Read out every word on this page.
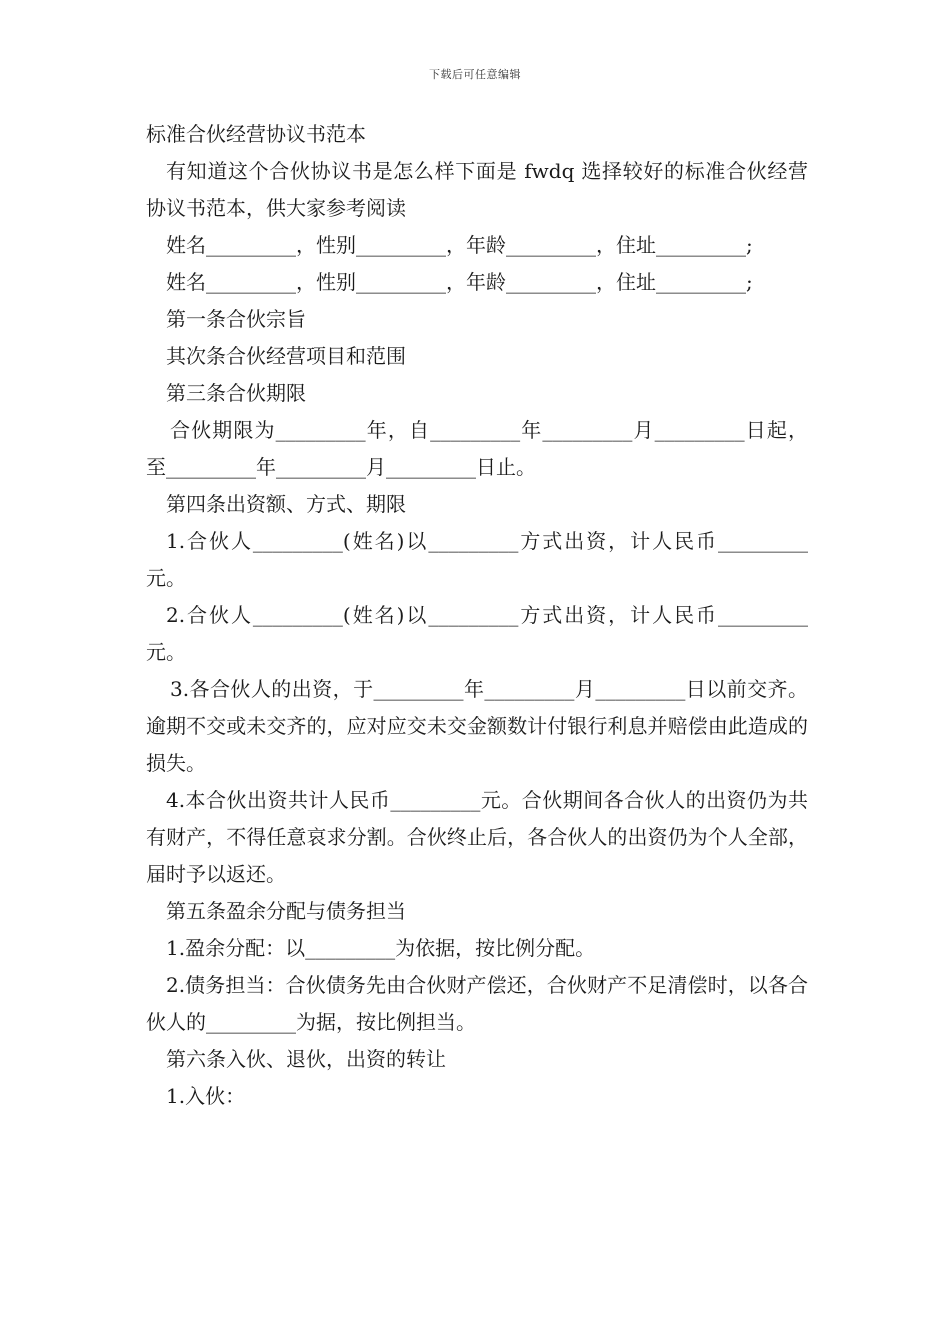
下载后可任意编辑

标准合伙经营协议书范本

有知道这个合伙协议书是怎么样下面是 fwdq 选择较好的标准合伙经营协议书范本，供大家参考阅读

姓名_________，性别_________，年龄_________，住址_________;

姓名_________，性别_________，年龄_________，住址_________;

第一条合伙宗旨

其次条合伙经营项目和范围

第三条合伙期限

合伙期限为_________年，自_________年_________月_________日起，至_________年_________月_________日止。

第四条出资额、方式、期限

1.合伙人_________(姓名)以_________方式出资，计人民币_________元。

2.合伙人_________(姓名)以_________方式出资，计人民币_________元。

3.各合伙人的出资，于_________年_________月_________日以前交齐。逾期不交或未交齐的，应对应交未交金额数计付银行利息并赔偿由此造成的损失。

4.本合伙出资共计人民币_________元。合伙期间各合伙人的出资仍为共有财产，不得任意哀求分割。合伙终止后，各合伙人的出资仍为个人全部，届时予以返还。

第五条盈余分配与债务担当

1.盈余分配：以_________为依据，按比例分配。

2.债务担当：合伙债务先由合伙财产偿还，合伙财产不足清偿时，以各合伙人的_________为据，按比例担当。

第六条入伙、退伙，出资的转让

1.入伙：
